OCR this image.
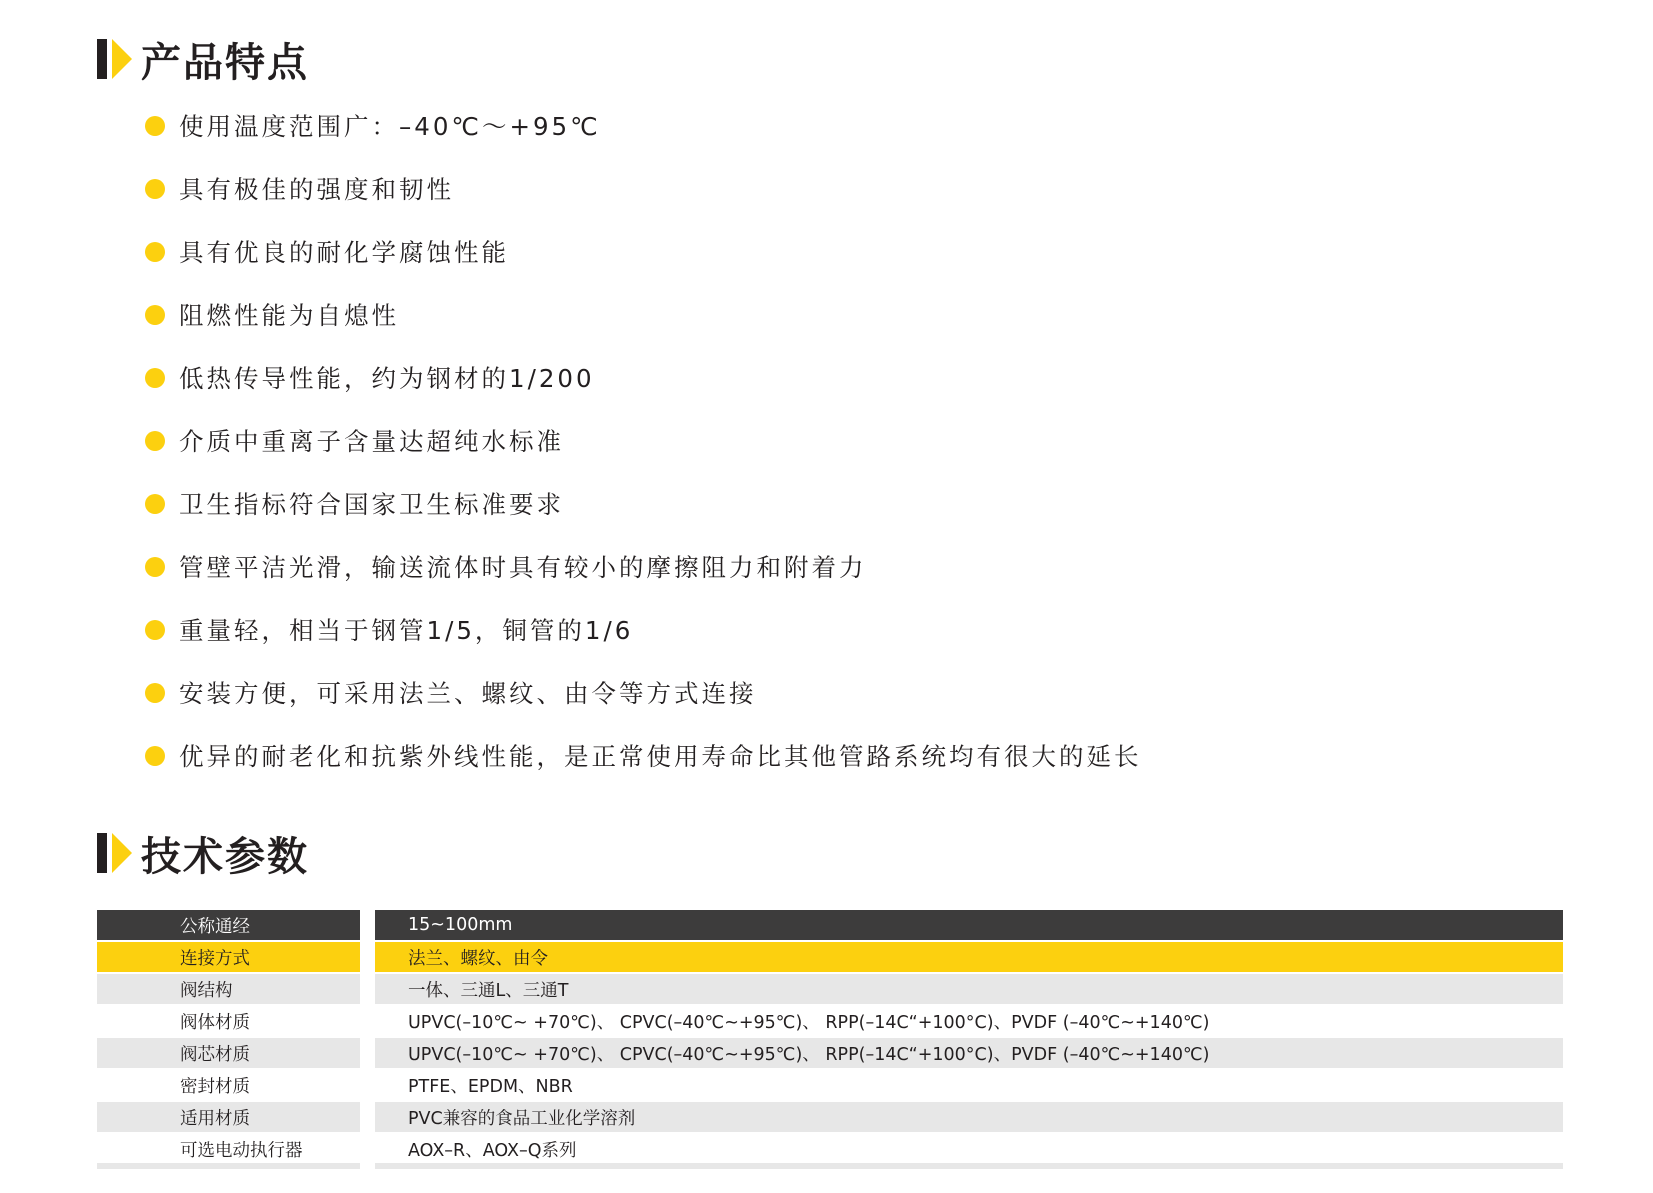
产品特点
使用温度范围广：–40℃～+95℃
具有极佳的强度和韧性
具有优良的耐化学腐蚀性能
阻燃性能为自熄性
低热传导性能，约为钢材的1/200
介质中重离子含量达超纯水标准
卫生指标符合国家卫生标准要求
管壁平洁光滑，输送流体时具有较小的摩擦阻力和附着力
重量轻，相当于钢管1/5，铜管的1/6
安装方便，可采用法兰、螺纹、由令等方式连接
优异的耐老化和抗紫外线性能，是正常使用寿命比其他管路系统均有很大的延长
技术参数
公称通经	15~100mm
连接方式	法兰、螺纹、由令
阀结构	一体、三通L、三通T
阀体材质	UPVC(–10℃~ +70℃)、 CPVC(–40℃~+95℃)、 RPP(–14C“+100°C)、PVDF (–40℃~+140℃)
阀芯材质	UPVC(–10℃~ +70℃)、 CPVC(–40℃~+95℃)、 RPP(–14C“+100°C)、PVDF (–40℃~+140℃)
密封材质	PTFE、EPDM、NBR
适用材质	PVC兼容的食品工业化学溶剂
可选电动执行器	AOX–R、AOX–Q系列
